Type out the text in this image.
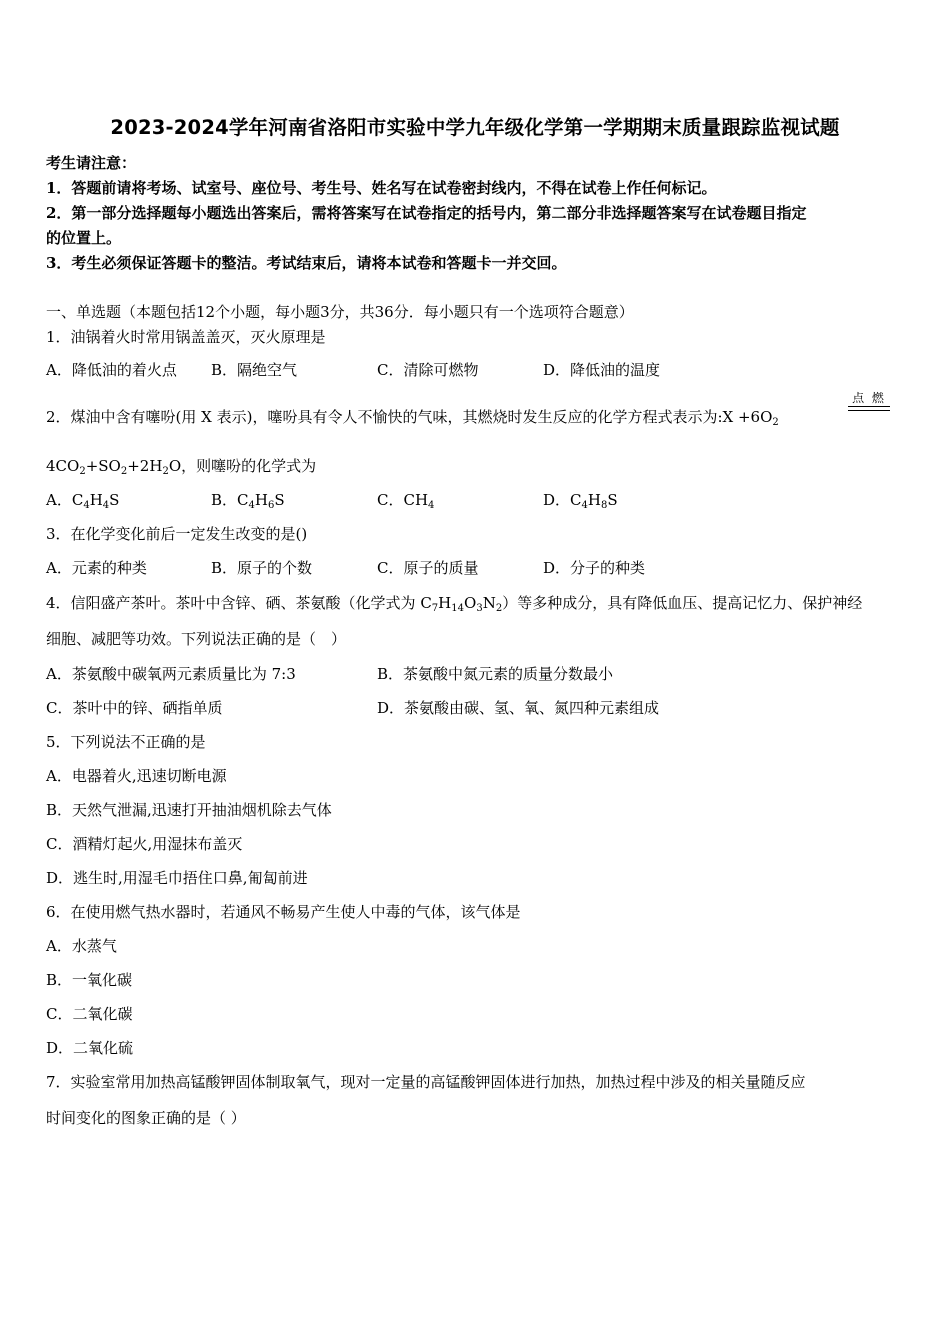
2023-2024学年河南省洛阳市实验中学九年级化学第一学期期末质量跟踪监视试题
考生请注意：
1．答题前请将考场、试室号、座位号、考生号、姓名写在试卷密封线内，不得在试卷上作任何标记。
2．第一部分选择题每小题选出答案后，需将答案写在试卷指定的括号内，第二部分非选择题答案写在试卷题目指定
的位置上。
3．考生必须保证答题卡的整洁。考试结束后，请将本试卷和答题卡一并交回。
一、单选题（本题包括12个小题，每小题3分，共36分．每小题只有一个选项符合题意）
1．油锅着火时常用锅盖盖灭，灭火原理是
A．降低油的着火点 B．隔绝空气	C．清除可燃物	D．降低油的温度
2．煤油中含有噻吩(用 X 表示)，噻吩具有令人不愉快的气味，其燃烧时发生反应的化学方程式表示为:X $+6O_2$
点 燃
$4CO_2+SO_2+2H_2O$，则噻吩的化学式为
A．$C_4H_4S$	B．$C_4H_6S$	C．$CH_4$	D．$C_4H_8S$
3．在化学变化前后一定发生改变的是()
A．元素的种类	B．原子的个数	C．原子的质量	D．分子的种类
4．信阳盛产茶叶。茶叶中含锌、硒、茶氨酸（化学式为 $C_7H_{14}O_3N_2$）等多种成分，具有降低血压、提高记忆力、保护神经
细胞、减肥等功效。下列说法正确的是（　）
A．茶氨酸中碳氧两元素质量比为 7:3	B．茶氨酸中氮元素的质量分数最小
C．茶叶中的锌、硒指单质	D．茶氨酸由碳、氢、氧、氮四种元素组成
5．下列说法不正确的是
A．电器着火,迅速切断电源
B．天然气泄漏,迅速打开抽油烟机除去气体
C．酒精灯起火,用湿抹布盖灭
D．逃生时,用湿毛巾捂住口鼻,匍匐前进
6．在使用燃气热水器时，若通风不畅易产生使人中毒的气体，该气体是
A．水蒸气
B．一氧化碳
C．二氧化碳
D．二氧化硫
7．实验室常用加热高锰酸钾固体制取氧气，现对一定量的高锰酸钾固体进行加热，加热过程中涉及的相关量随反应
时间变化的图象正确的是（ ）
